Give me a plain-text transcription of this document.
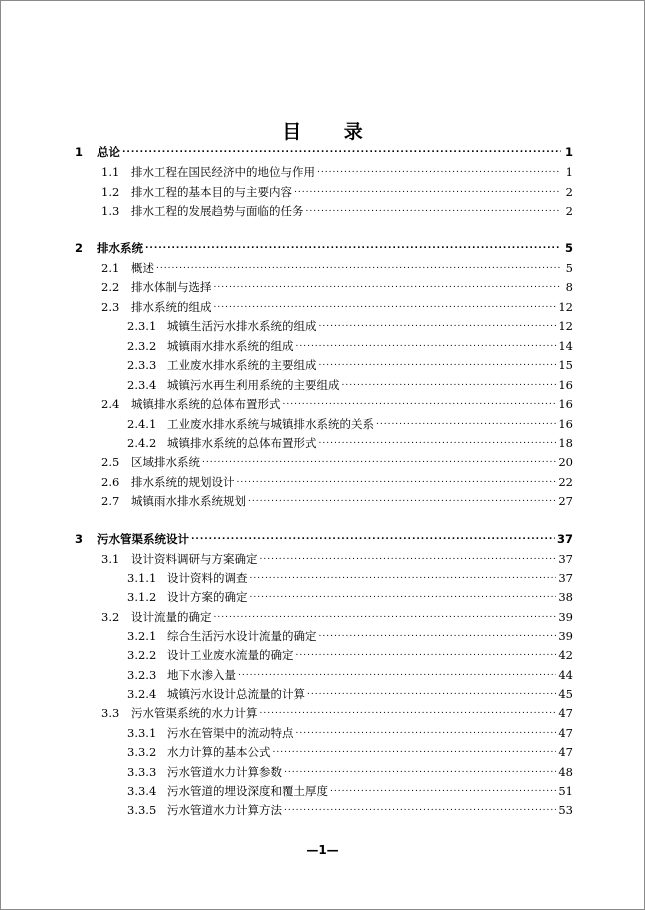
目 录
1	总论 .....	1
1.1	排水工程在国民经济中的地位与作用 .....	1
1.2	排水工程的基本目的与主要内容 .....	2
1.3	排水工程的发展趋势与面临的任务 .....	2
2	排水系统 .....	5
2.1	概述 .....	5
2.2	排水体制与选择 .....	8
2.3	排水系统的组成 .....	12
2.3.1 城镇生活污水排水系统的组成 .....	12
2.3.2 城镇雨水排水系统的组成 .....	14
2.3.3 工业废水排水系统的主要组成 .....	15
2.3.4 城镇污水再生利用系统的主要组成 .....	16
2.4	城镇排水系统的总体布置形式 .....	16
2.4.1 工业废水排水系统与城镇排水系统的关系 .....	16
2.4.2 城镇排水系统的总体布置形式 .....	18
2.5	区域排水系统 .....	20
2.6	排水系统的规划设计 .....	22
2.7	城镇雨水排水系统规划 .....	27
3	污水管渠系统设计 .....	37
3.1	设计资料调研与方案确定 .....	37
3.1.1 设计资料的调查 .....	37
3.1.2 设计方案的确定 .....	38
3.2	设计流量的确定 .....	39
3.2.1 综合生活污水设计流量的确定 .....	39
3.2.2 设计工业废水流量的确定 .....	42
3.2.3 地下水渗入量 .....	44
3.2.4 城镇污水设计总流量的计算 .....	45
3.3	污水管渠系统的水力计算 .....	47
3.3.1 污水在管渠中的流动特点 .....	47
3.3.2 水力计算的基本公式 .....	47
3.3.3 污水管道水力计算参数 .....	48
3.3.4 污水管道的埋设深度和覆土厚度 .....	51
3.3.5 污水管道水力计算方法 .....	53
—1—
